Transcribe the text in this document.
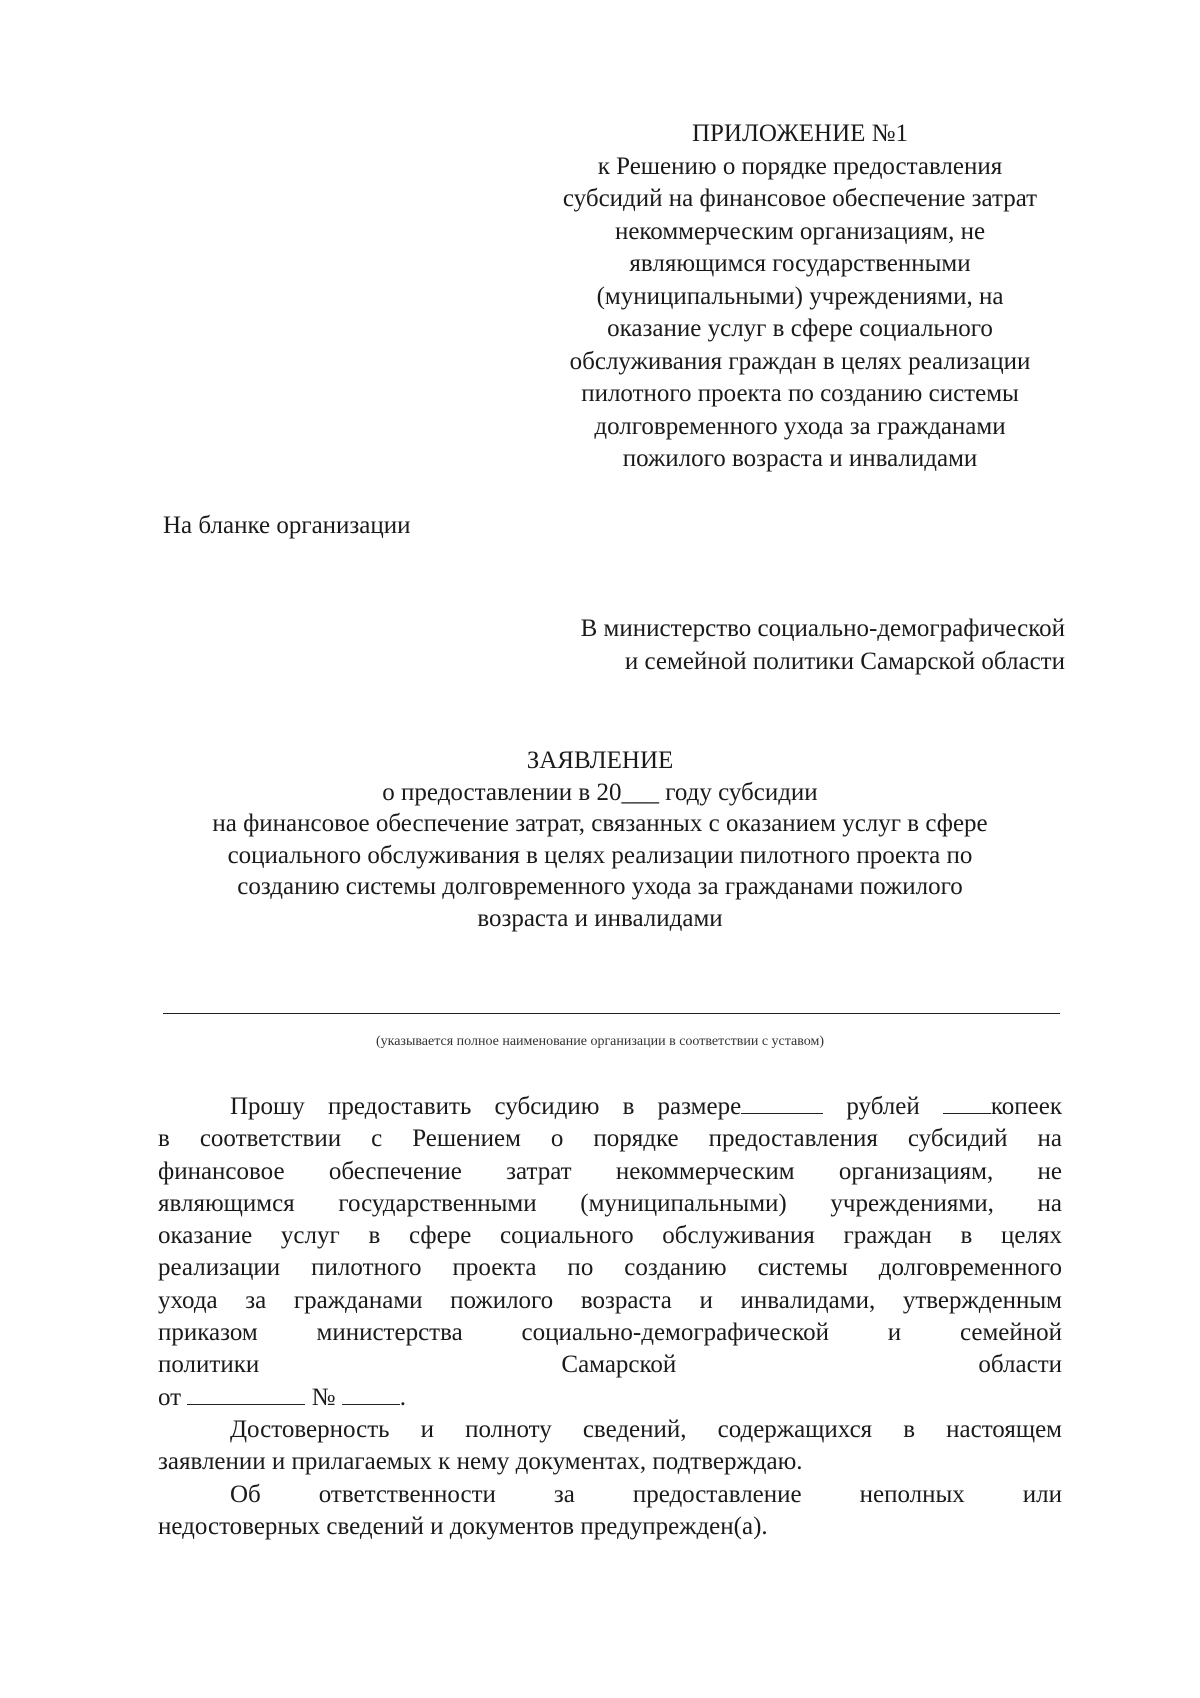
ПРИЛОЖЕНИЕ №1
к Решению о порядке предоставления
субсидий на финансовое обеспечение затрат
некоммерческим организациям, не
являющимся государственными
(муниципальными) учреждениями, на
оказание услуг в сфере социального
обслуживания граждан в целях реализации
пилотного проекта по созданию системы
долговременного ухода за гражданами
пожилого возраста и инвалидами
На бланке организации
В министерство социально-демографической
и семейной политики Самарской области
ЗАЯВЛЕНИЕ
о предоставлении в 20___ году субсидии
на финансовое обеспечение затрат, связанных с оказанием услуг в сфере
социального обслуживания в целях реализации пилотного проекта по
созданию системы долговременного ухода за гражданами пожилого
возраста и инвалидами
(указывается полное наименование организации в соответствии с уставом)
Прошу предоставить субсидию в размере	рублей	копеек
в соответствии с Решением о порядке предоставления субсидий на
финансовое обеспечение затрат некоммерческим организациям, не
являющимся государственными (муниципальными) учреждениями, на
оказание услуг в сфере социального обслуживания граждан в целях
реализации пилотного проекта по созданию системы долговременного
ухода за гражданами пожилого возраста и инвалидами, утвержденным
приказом министерства социально-демографической и семейной
политики Самарской области
от	№	.
Достоверность и полноту сведений, содержащихся в настоящем
заявлении и прилагаемых к нему документах, подтверждаю.
Об ответственности за предоставление неполных или
недостоверных сведений и документов предупрежден(а).
